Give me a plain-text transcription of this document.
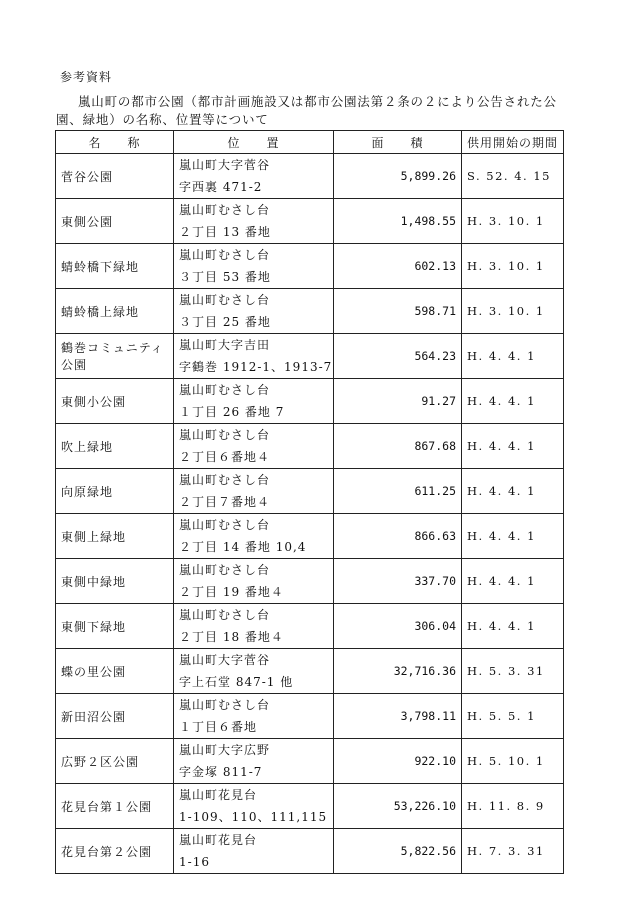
参考資料
嵐山町の都市公園（都市計画施設又は都市公園法第２条の２により公告された公
園、緑地）の名称、位置等について
名　　称	位　　置	面　　積	供用開始の期間

菅谷公園	嵐山町大字菅谷
字西裏 471-2	5,899.26	S. 52. 4. 15

東側公園	嵐山町むさし台
２丁目 13 番地	1,498.55	H. 3. 10. 1

蜻蛉橋下緑地	嵐山町むさし台
３丁目 53 番地	602.13	H. 3. 10. 1

蜻蛉橋上緑地	嵐山町むさし台
３丁目 25 番地	598.71	H. 3. 10. 1

鶴巻コミュニティ
公園	嵐山町大字吉田
字鶴巻 1912-1、1913-7	564.23	H. 4. 4. 1

東側小公園	嵐山町むさし台
１丁目 26 番地 7	91.27	H. 4. 4. 1

吹上緑地	嵐山町むさし台
２丁目６番地４	867.68	H. 4. 4. 1

向原緑地	嵐山町むさし台
２丁目７番地４	611.25	H. 4. 4. 1

東側上緑地	嵐山町むさし台
２丁目 14 番地 10,4	866.63	H. 4. 4. 1

東側中緑地	嵐山町むさし台
２丁目 19 番地４	337.70	H. 4. 4. 1

東側下緑地	嵐山町むさし台
２丁目 18 番地４	306.04	H. 4. 4. 1

蝶の里公園	嵐山町大字菅谷
字上石堂 847-1 他	32,716.36	H. 5. 3. 31

新田沼公園	嵐山町むさし台
１丁目６番地	3,798.11	H. 5. 5. 1

広野２区公園	嵐山町大字広野
字金塚 811-7	922.10	H. 5. 10. 1

花見台第１公園	嵐山町花見台
1-109、110、111,115	53,226.10	H. 11. 8. 9

花見台第２公園	嵐山町花見台
1-16	5,822.56	H. 7. 3. 31
